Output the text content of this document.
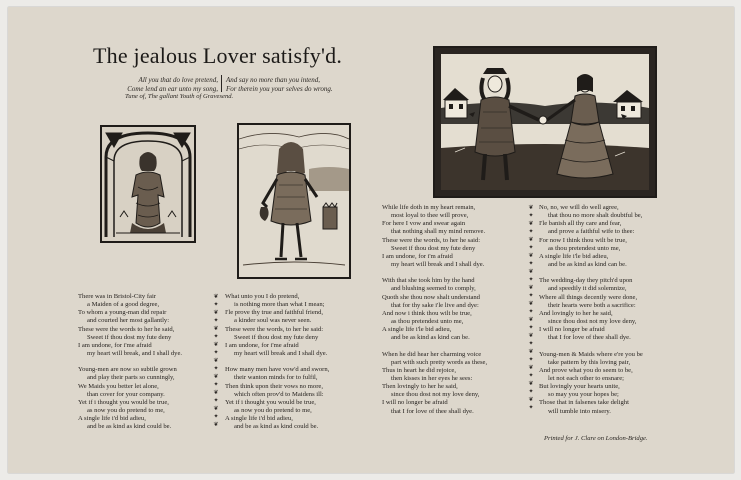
The jealous Lover satisfy'd.
All you that do love pretend,
Come lend an ear unto my song,
And say no more than you intend,
For therein you your selves do wrong.
Tune of, The gallant Youth of Gravesend.
There was in Bristol-City fair
a Maiden of a good degree,
To whom a young-man did repair
and courted her most gallantly:
These were the words to her he said,
Sweet if thou dost my fute deny
I am undone, for i'me afraid
my heart will break, and I shall dye.
Young-men are now so subtile grown
and play their parts so cunningly,
We Maids you better let alone,
than cover for your company.
Yet if i thought you would be true,
as now you do pretend to me,
A single life i'd bid adieu,
and be as kind as kind could be.
❦
✦
❦
✦
❦
✦
❦
✦
❦
✦
❦
✦
❦
✦
❦
✦
❦
What unto you I do pretend,
is nothing more than what I mean;
I'le prove thy true and faithful friend,
a kinder soul was never seen.
These were the words, to her he said:
Sweet if thou dost my fute deny
I am undone, for i'me afraid
my heart will break and I shall dye.
How many men have vow'd and sworn,
their wanton minds for to fulfil,
Then think upon their vows no more,
which often prov'd to Maidens ill:
Yet if i thought you would be true,
as now you do pretend to me,
A single life i'd bid adieu,
and be as kind as kind could be.
While life doth in my heart remain,
most loyal to thee will prove,
For here I vow and swear again
that nothing shall my mind remove.
These were the words, to her he said:
Sweet if thou dost my fute deny
I am undone, for i'm afraid
my heart will break and I shall dye.
With that she took him by the hand
and blushing seemed to comply,
Quoth she thou now shalt understand
that for thy sake i'le live and dye:
And now i think thou wilt be true,
as thou pretendest unto me,
A single life i'le bid adieu,
and be as kind as kind can be.
When he did hear her charming voice
part with such pretty words as these,
Thus in heart he did rejoice,
then kisses in her eyes he sees:
Then lovingly to her he said,
since thou dost not my love deny,
I will no longer be afraid
that I for love of thee shall dye.
❦
✦
❦
✦
❦
✦
❦
✦
❦
✦
❦
✦
❦
✦
❦
✦
❦
✦
❦
✦
❦
✦
❦
✦
❦
✦
No, no, we will do well agree,
that thou no more shalt doubtful be,
I'le banish all thy care and fear,
and prove a faithful wife to thee:
For now I think thou wilt be true,
as thou pretendest unto me,
A single life i'le bid adieu,
and be as kind as kind can be.
The wedding-day they pitch'd upon
and speedily it did solemnize,
Where all things decently were done,
their hearts were both a sacrifice:
And lovingly to her he said,
since thou dost not my love deny,
I will no longer be afraid
that I for love of thee shall dye.
Young-men & Maids where e're you be
take pattern by this loving pair,
And prove what you do seem to be,
let not each other to ensnare;
But lovingly your hearts unite,
so may you your hopes be;
Those that in falsenes take delight
will tumble into misery.
Printed for J. Clare on London-Bridge.
